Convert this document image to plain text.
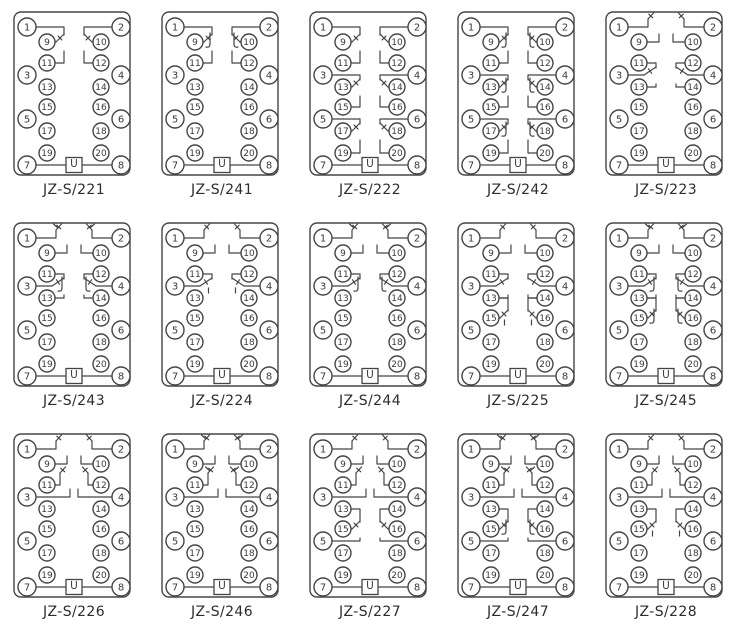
U
1
9
11
3
13
15
5
17
19
7
2
10
12
4
14
16
6
18
20
8
JZ-S/221
U
1
9
11
3
13
15
5
17
19
7
2
10
12
4
14
16
6
18
20
8
JZ-S/241
U
1
9
11
3
13
15
5
17
19
7
2
10
12
4
14
16
6
18
20
8
JZ-S/222
U
1
9
11
3
13
15
5
17
19
7
2
10
12
4
14
16
6
18
20
8
JZ-S/242
U
1
9
11
3
13
15
5
17
19
7
2
10
12
4
14
16
6
18
20
8
JZ-S/223
U
1
9
11
3
13
15
5
17
19
7
2
10
12
4
14
16
6
18
20
8
JZ-S/243
U
1
9
11
3
13
15
5
17
19
7
2
10
12
4
14
16
6
18
20
8
JZ-S/224
U
1
9
11
3
13
15
5
17
19
7
2
10
12
4
14
16
6
18
20
8
JZ-S/244
U
1
9
11
3
13
15
5
17
19
7
2
10
12
4
14
16
6
18
20
8
JZ-S/225
U
1
9
11
3
13
15
5
17
19
7
2
10
12
4
14
16
6
18
20
8
JZ-S/245
U
1
9
11
3
13
15
5
17
19
7
2
10
12
4
14
16
6
18
20
8
JZ-S/226
U
1
9
11
3
13
15
5
17
19
7
2
10
12
4
14
16
6
18
20
8
JZ-S/246
U
1
9
11
3
13
15
5
17
19
7
2
10
12
4
14
16
6
18
20
8
JZ-S/227
U
1
9
11
3
13
15
5
17
19
7
2
10
12
4
14
16
6
18
20
8
JZ-S/247
U
1
9
11
3
13
15
5
17
19
7
2
10
12
4
14
16
6
18
20
8
JZ-S/228
